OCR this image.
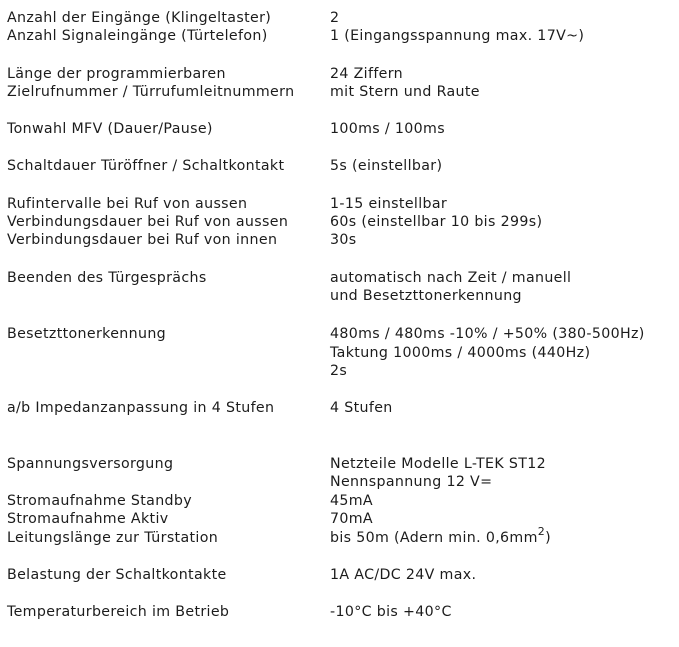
Anzahl der Eingänge (Klingeltaster)	2
Anzahl Signaleingänge (Türtelefon)	1 (Eingangsspannung max. 17V~)
Länge der programmierbaren	24 Ziffern
Zielrufnummer / Türrufumleitnummern	mit Stern und Raute
Tonwahl MFV (Dauer/Pause)	100ms / 100ms
Schaltdauer Türöffner / Schaltkontakt	5s (einstellbar)
Rufintervalle bei Ruf von aussen	1-15 einstellbar
Verbindungsdauer bei Ruf von aussen	60s (einstellbar 10 bis 299s)
Verbindungsdauer bei Ruf von innen	30s
Beenden des Türgesprächs	automatisch nach Zeit / manuell
und Besetzttonerkennung
Besetzttonerkennung	480ms / 480ms -10% / +50% (380-500Hz)
Taktung 1000ms / 4000ms (440Hz)
2s
a/b Impedanzanpassung in 4 Stufen	4 Stufen
Spannungsversorgung	Netzteile Modelle L-TEK ST12
Nennspannung 12 V=
Stromaufnahme Standby	45mA
Stromaufnahme Aktiv	70mA
Leitungslänge zur Türstation	bis 50m (Adern min. $0,6mm^2$)
Belastung der Schaltkontakte	1A AC/DC 24V max.
Temperaturbereich im Betrieb	-10°C bis +40°C
